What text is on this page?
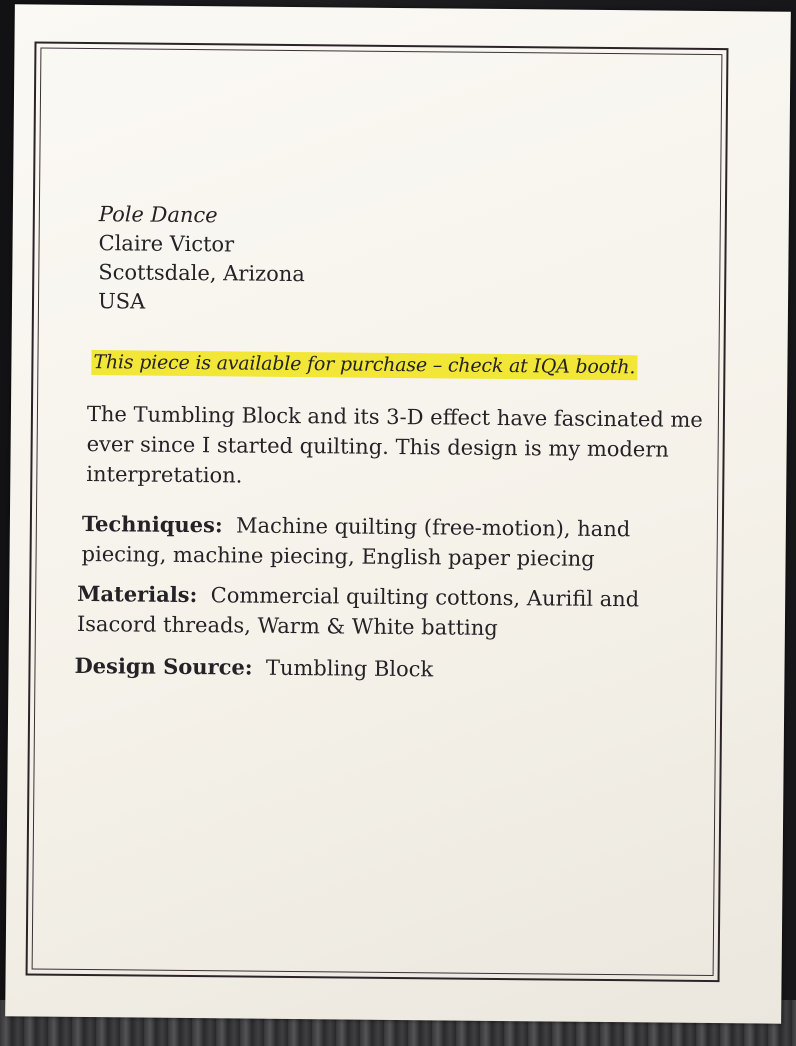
Pole Dance
Claire Victor
Scottsdale, Arizona
USA
This piece is available for purchase – check at IQA booth.
The Tumbling Block and its 3-D effect have fascinated me ever since I started quilting. This design is my modern interpretation.
Techniques: Machine quilting (free-motion), hand piecing, machine piecing, English paper piecing
Materials: Commercial quilting cottons, Aurifil and Isacord threads, Warm & White batting
Design Source: Tumbling Block
